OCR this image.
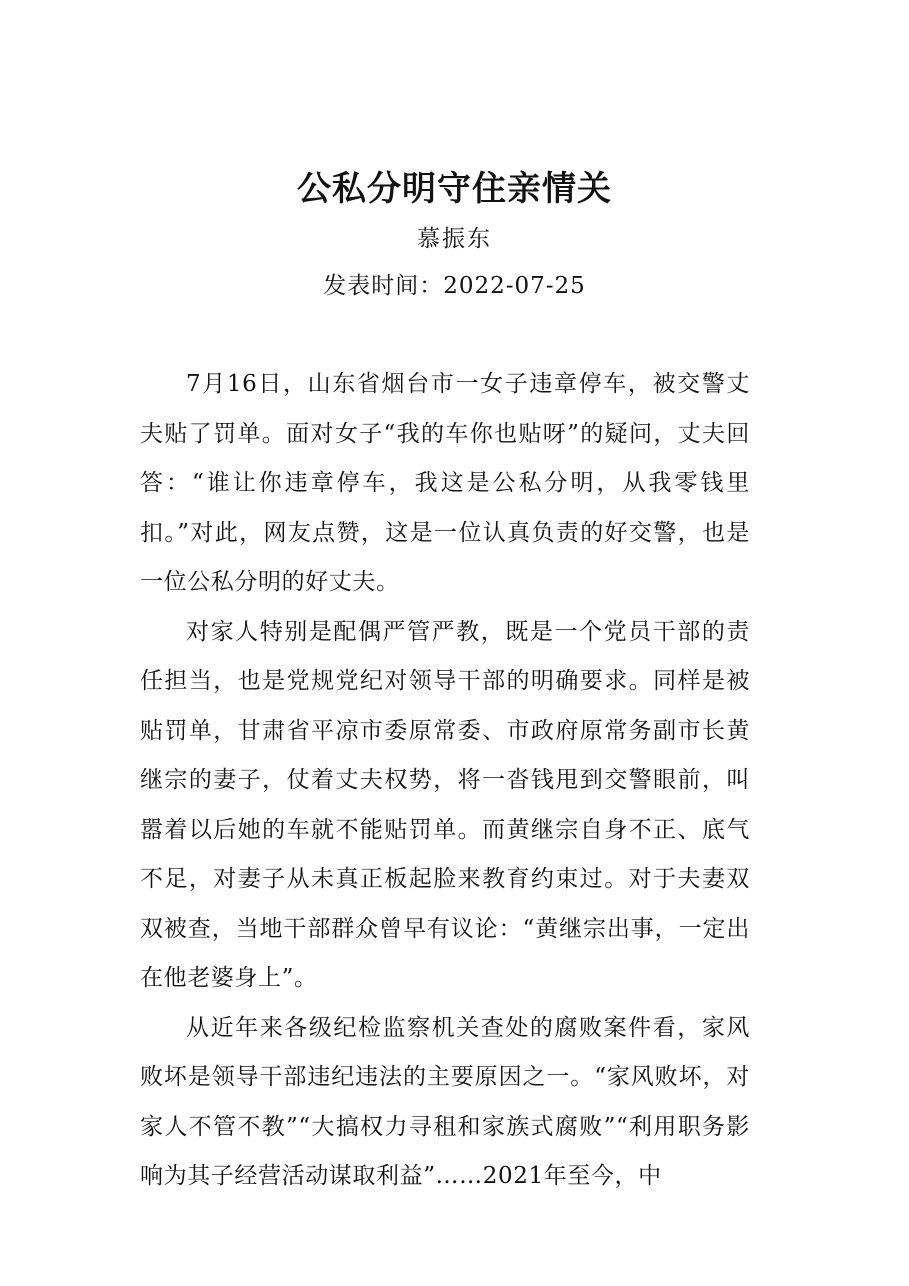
公私分明守住亲情关
慕振东
发表时间：2022-07-25

7月16日，山东省烟台市一女子违章停车，被交警丈夫贴了罚单。面对女子“我的车你也贴呀”的疑问，丈夫回答：“谁让你违章停车，我这是公私分明，从我零钱里扣。”对此，网友点赞，这是一位认真负责的好交警，也是一位公私分明的好丈夫。

对家人特别是配偶严管严教，既是一个党员干部的责任担当，也是党规党纪对领导干部的明确要求。同样是被贴罚单，甘肃省平凉市委原常委、市政府原常务副市长黄继宗的妻子，仗着丈夫权势，将一沓钱甩到交警眼前，叫嚣着以后她的车就不能贴罚单。而黄继宗自身不正、底气不足，对妻子从未真正板起脸来教育约束过。对于夫妻双双被查，当地干部群众曾早有议论：“黄继宗出事，一定出在他老婆身上”。

从近年来各级纪检监察机关查处的腐败案件看，家风败坏是领导干部违纪违法的主要原因之一。“家风败坏，对家人不管不教”“大搞权力寻租和家族式腐败”“利用职务影响为其子经营活动谋取利益”……2021年至今，中
